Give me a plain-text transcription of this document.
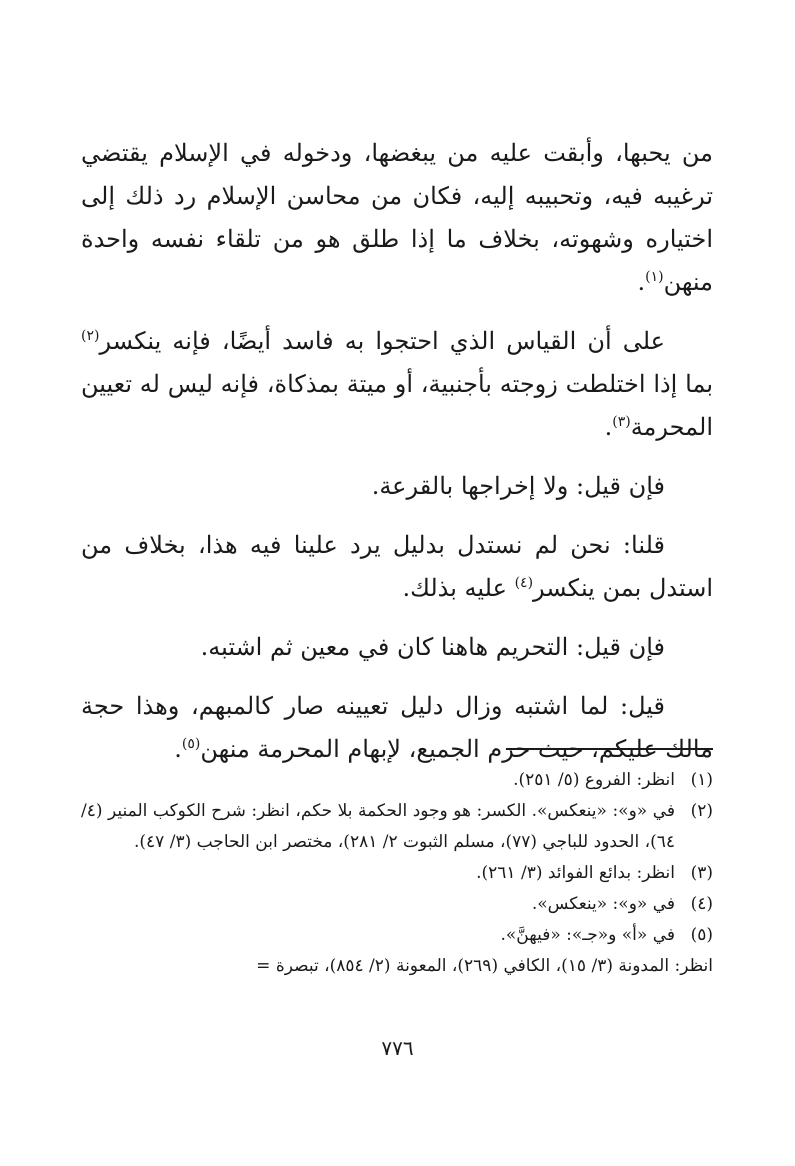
من يحبها، وأبقت عليه من يبغضها، ودخوله في الإسلام يقتضي ترغيبه فيه، وتحبيبه إليه، فكان من محاسن الإسلام رد ذلك إلى اختياره وشهوته، بخلاف ما إذا طلق هو من تلقاء نفسه واحدة منهن$^{(١)}$.

على أن القياس الذي احتجوا به فاسد أيضًا، فإنه ينكسر$^{(٢)}$ بما إذا اختلطت زوجته بأجنبية، أو ميتة بمذكاة، فإنه ليس له تعيين المحرمة$^{(٣)}$.

فإن قيل: ولا إخراجها بالقرعة.

قلنا: نحن لم نستدل بدليل يرد علينا فيه هذا، بخلاف من استدل بمن ينكسر$^{(٤)}$ عليه بذلك.

فإن قيل: التحريم هاهنا كان في معين ثم اشتبه.

قيل: لما اشتبه وزال دليل تعيينه صار كالمبهم، وهذا حجة مالك عليكم، حيث حرم الجميع، لإبهام المحرمة منهن$^{(٥)}$.

(١)
انظر: الفروع (٥/ ٢٥١).
(٢)
في «و»: «ينعكس». الكسر: هو وجود الحكمة بلا حكم، انظر: شرح الكوكب المنير (٤/ ٦٤)، الحدود للباجي (٧٧)، مسلم الثبوت ٢/ ٢٨١)، مختصر ابن الحاجب (٣/ ٤٧).
(٣)
انظر: بدائع الفوائد (٣/ ٢٦١).
(٤)
في «و»: «ينعكس».
(٥)
في «أ» و«جـ»: «فيهنَّ».

انظر: المدونة (٣/ ١٥)، الكافي (٢٦٩)، المعونة (٢/ ٨٥٤)، تبصرة =

٧٧٦
